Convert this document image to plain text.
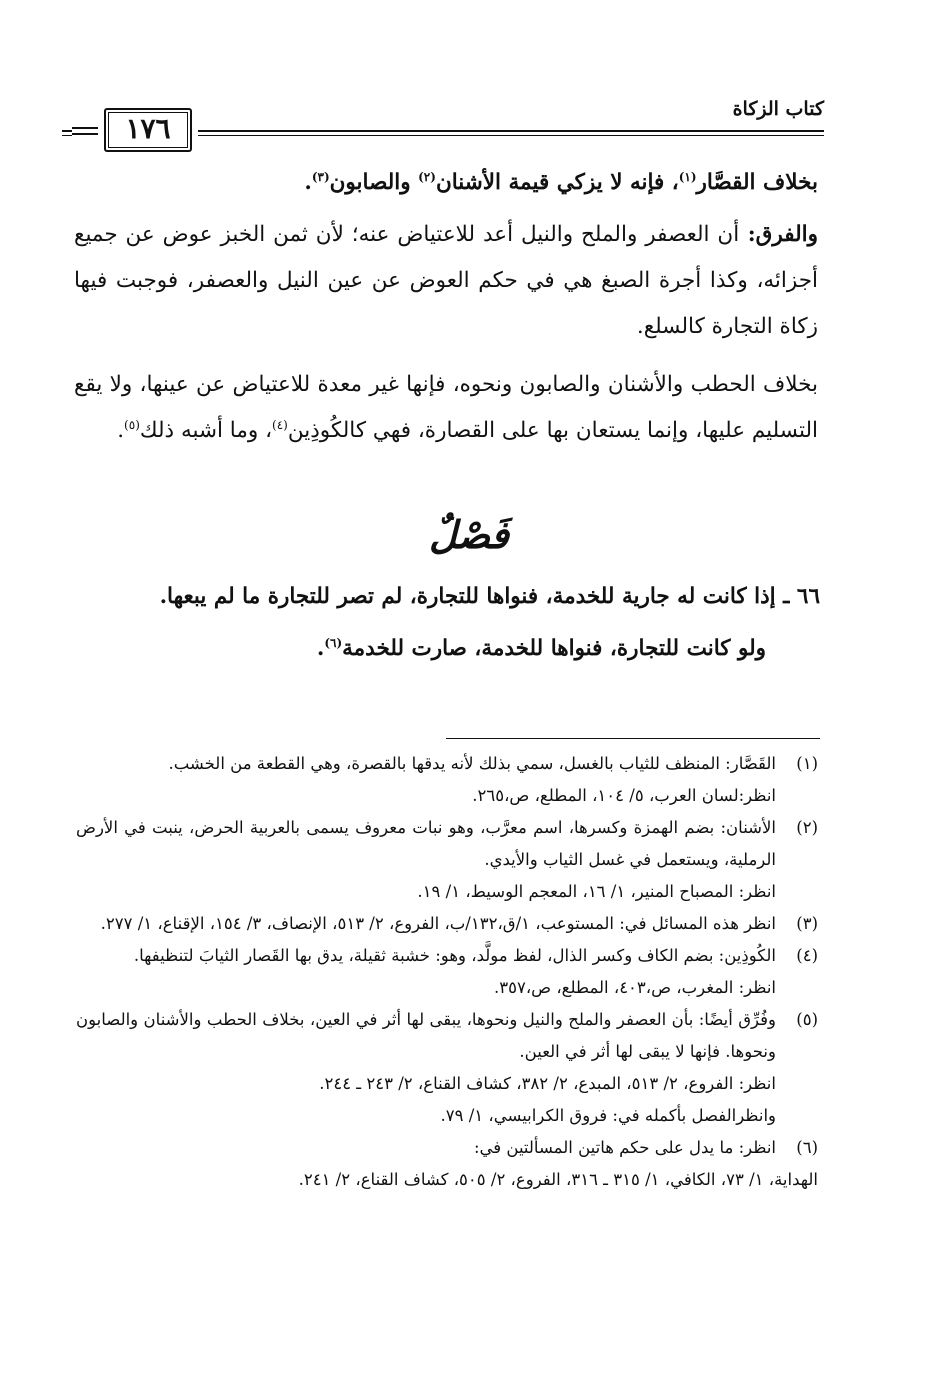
كتاب الزكاة
١٧٦

بخلاف القصَّار$^{(١)}$، فإنه لا يزكي قيمة الأشنان$^{(٢)}$ والصابون$^{(٣)}$.

والفرق: أن العصفر والملح والنيل أعد للاعتياض عنه؛ لأن ثمن الخبز عوض عن جميع أجزائه، وكذا أجرة الصبغ هي في حكم العوض عن عين النيل والعصفر، فوجبت فيها زكاة التجارة كالسلع.

بخلاف الحطب والأشنان والصابون ونحوه، فإنها غير معدة للاعتياض عن عينها، ولا يقع التسليم عليها، وإنما يستعان بها على القصارة، فهي كالكُوذِين$^{(٤)}$، وما أشبه ذلك$^{(٥)}$.

فَصْلٌ

٦٦ ـ إذا كانت له جارية للخدمة، فنواها للتجارة، لم تصر للتجارة ما لم يبعها.

ولو كانت للتجارة، فنواها للخدمة، صارت للخدمة$^{(٦)}$.

(١)
القَصَّار: المنظف للثياب بالغسل، سمي بذلك لأنه يدقها بالقصرة، وهي القطعة من الخشب.
انظر:لسان العرب، ٥/ ١٠٤، المطلع، ص،٢٦٥.

(٢)
الأشنان: بضم الهمزة وكسرها، اسم معرَّب، وهو نبات معروف يسمى بالعربية الحرض، ينبت في الأرض الرملية، ويستعمل في غسل الثياب والأيدي.
انظر: المصباح المنير، ١/ ١٦، المعجم الوسيط، ١/ ١٩.

(٣)
انظر هذه المسائل في: المستوعب، ١/ق،١٣٢/ب، الفروع، ٢/ ٥١٣، الإنصاف، ٣/ ١٥٤، الإقناع، ١/ ٢٧٧.

(٤)
الكُوذِين: بضم الكاف وكسر الذال، لفظ مولَّد، وهو: خشبة ثقيلة، يدق بها القَصار الثيابَ لتنظيفها.
انظر: المغرب، ص،٤٠٣، المطلع، ص،٣٥٧.

(٥)
وفُرِّق أيضًا: بأن العصفر والملح والنيل ونحوها، يبقى لها أثر في العين، بخلاف الحطب والأشنان والصابون ونحوها. فإنها لا يبقى لها أثر في العين.
انظر: الفروع، ٢/ ٥١٣، المبدع، ٢/ ٣٨٢، كشاف القناع، ٢/ ٢٤٣ ـ ٢٤٤.
وانظرالفصل بأكمله في: فروق الكرابيسي، ١/ ٧٩.

(٦)
انظر: ما يدل على حكم هاتين المسألتين في:
الهداية، ١/ ٧٣، الكافي، ١/ ٣١٥ ـ ٣١٦، الفروع، ٢/ ٥٠٥، كشاف القناع، ٢/ ٢٤١.
